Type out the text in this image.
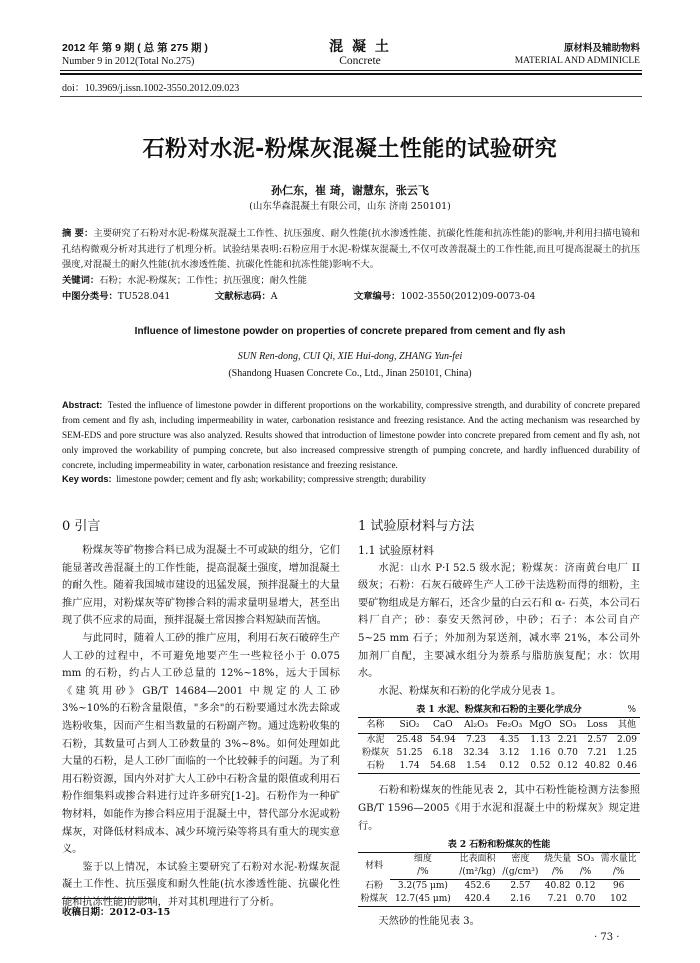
2012 年 第 9 期 ( 总 第 275 期 )
Number 9 in 2012(Total No.275)
混 凝 土
Concrete
原材料及辅助物料
MATERIAL AND ADMINICLE
doi：10.3969/j.issn.1002-3550.2012.09.023
石粉对水泥-粉煤灰混凝土性能的试验研究
孙仁东，崔 琦，谢慧东，张云飞
(山东华森混凝土有限公司，山东 济南 250101)
摘 要：主要研究了石粉对水泥-粉煤灰混凝土工作性、抗压强度、耐久性能(抗水渗透性能、抗碳化性能和抗冻性能)的影响,并利用扫描电镜和孔结构微观分析对其进行了机理分析。试验结果表明:石粉应用于水泥-粉煤灰混凝土,不仅可改善混凝土的工作性能,而且可提高混凝土的抗压强度,对混凝土的耐久性能(抗水渗透性能、抗碳化性能和抗冻性能)影响不大。
关键词：石粉；水泥-粉煤灰；工作性；抗压强度；耐久性能
中图分类号：TU528.041	文献标志码：A	文章编号：1002-3550(2012)09-0073-04
Influence of limestone powder on properties of concrete prepared from cement and fly ash
SUN Ren-dong, CUI Qi, XIE Hui-dong, ZHANG Yun-fei
(Shandong Huasen Concrete Co., Ltd., Jinan 250101, China)
Abstract: Tested the influence of limestone powder in different proportions on the workability, compressive strength, and durability of concrete prepared from cement and fly ash, including impermeability in water, carbonation resistance and freezing resistance. And the acting mechanism was researched by SEM-EDS and pore structure was also analyzed. Results showed that introduction of limestone powder into concrete prepared from cement and fly ash, not only improved the workability of pumping concrete, but also increased compressive strength of pumping concrete, and hardly influenced durability of concrete, including impermeability in water, carbonation resistance and freezing resistance.
Key words: limestone powder; cement and fly ash; workability; compressive strength; durability
0 引言

粉煤灰等矿物掺合料已成为混凝土不可或缺的组分，它们能显著改善混凝土的工作性能，提高混凝土强度，增加混凝土的耐久性。随着我国城市建设的迅猛发展，预拌混凝土的大量推广应用，对粉煤灰等矿物掺合料的需求量明显增大，甚至出现了供不应求的局面，预拌混凝土常因掺合料短缺而苦恼。

与此同时，随着人工砂的推广应用，利用石灰石破碎生产人工砂的过程中，不可避免地要产生一些粒径小于 0.075 mm 的石粉，约占人工砂总量的 12%~18%，远大于国标《建筑用砂》GB/T 14684—2001 中规定的人工砂 3%~10%的石粉含量限值，"多余"的石粉要通过水洗去除或选粉收集，因而产生相当数量的石粉副产物。通过选粉收集的石粉，其数量可占到人工砂数量的 3%~8%。如何处理如此大量的石粉，是人工砂厂面临的一个比较棘手的问题。为了利用石粉资源，国内外对扩大人工砂中石粉含量的限值或利用石粉作细集料或掺合料进行过许多研究[1-2]。石粉作为一种矿物材料，如能作为掺合料应用于混凝土中，替代部分水泥或粉煤灰，对降低材料成本、减少环境污染等将具有重大的现实意义。

鉴于以上情况，本试验主要研究了石粉对水泥-粉煤灰混凝土工作性、抗压强度和耐久性能(抗水渗透性能、抗碳化性能和抗冻性能)的影响，并对其机理进行了分析。

收稿日期：2012-03-15
1 试验原材料与方法
1.1 试验原材料

水泥：山水 P·I 52.5 级水泥；粉煤灰：济南黄台电厂 II 级灰；石粉：石灰石破碎生产人工砂干法选粉而得的细粉，主要矿物组成是方解石，还含少量的白云石和 α- 石英，本公司石料厂自产；砂：泰安天然河砂，中砂；石子：本公司自产 5~25 mm 石子；外加剂为泵送剂，减水率 21%，本公司外加剂厂自配，主要减水组分为萘系与脂肪族复配；水：饮用水。

水泥、粉煤灰和石粉的化学成分见表 1。

表 1 水泥、粉煤灰和石粉的主要化学成分	%
名称	SiO₂	CaO	Al₂O₃	Fe₂O₃	MgO	SO₃	Loss	其他
水泥	25.48	54.94	7.23	4.35	1.13	2.21	2.57	2.09
粉煤灰	51.25	6.18	32.34	3.12	1.16	0.70	7.21	1.25
石粉	1.74	54.68	1.54	0.12	0.52	0.12	40.82	0.46

石粉和粉煤灰的性能见表 2，其中石粉性能检测方法参照 GB/T 1596—2005《用于水泥和混凝土中的粉煤灰》规定进行。

表 2 石粉和粉煤灰的性能
材料	细度	比表面积	密度	烧失量	SO₃	需水量比
	/%	/(m²/kg)	/(g/cm³)	/%	/%	/%
石粉	3.2(75 μm)	452.6	2.57	40.82	0.12	96
粉煤灰	12.7(45 μm)	420.4	2.16	7.21	0.70	102

天然砂的性能见表 3。

· 73 ·
